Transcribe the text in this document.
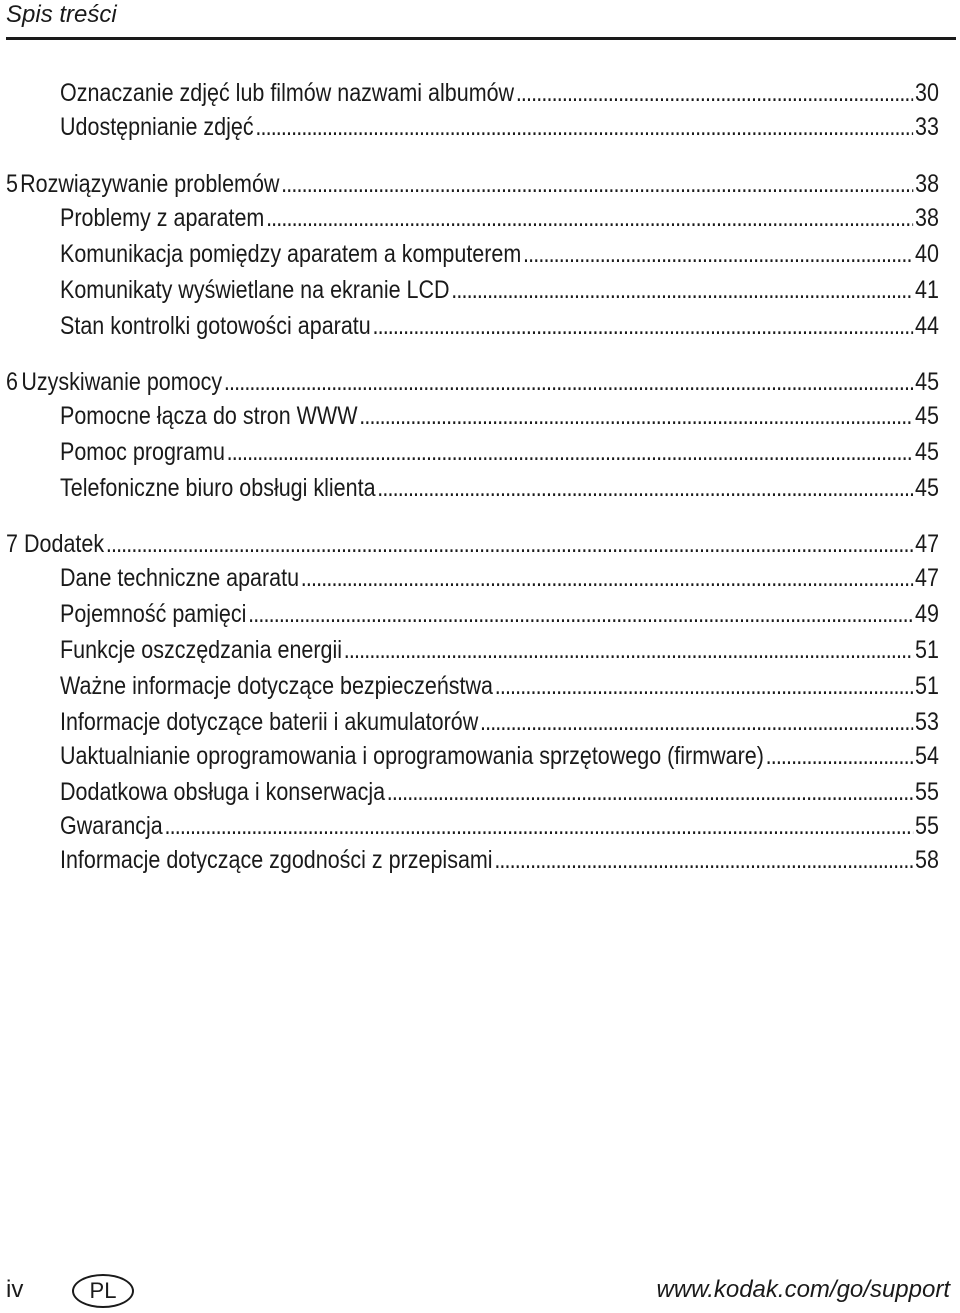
Spis treści
Oznaczanie zdjęć lub filmów nazwami albumów .....	30
Udostępnianie zdjęć .....	33
5 Rozwiązywanie problemów .....	38
Problemy z aparatem .....	38
Komunikacja pomiędzy aparatem a komputerem .....	40
Komunikaty wyświetlane na ekranie LCD .....	41
Stan kontrolki gotowości aparatu .....	44
6 Uzyskiwanie pomocy .....	45
Pomocne łącza do stron WWW .....	45
Pomoc programu .....	45
Telefoniczne biuro obsługi klienta .....	45
7 Dodatek .....	47
Dane techniczne aparatu .....	47
Pojemność pamięci .....	49
Funkcje oszczędzania energii .....	51
Ważne informacje dotyczące bezpieczeństwa .....	51
Informacje dotyczące baterii i akumulatorów .....	53
Uaktualnianie oprogramowania i oprogramowania sprzętowego (firmware) .....	54
Dodatkowa obsługa i konserwacja .....	55
Gwarancja .....	55
Informacje dotyczące zgodności z przepisami .....	58
iv	PL	www.kodak.com/go/support
